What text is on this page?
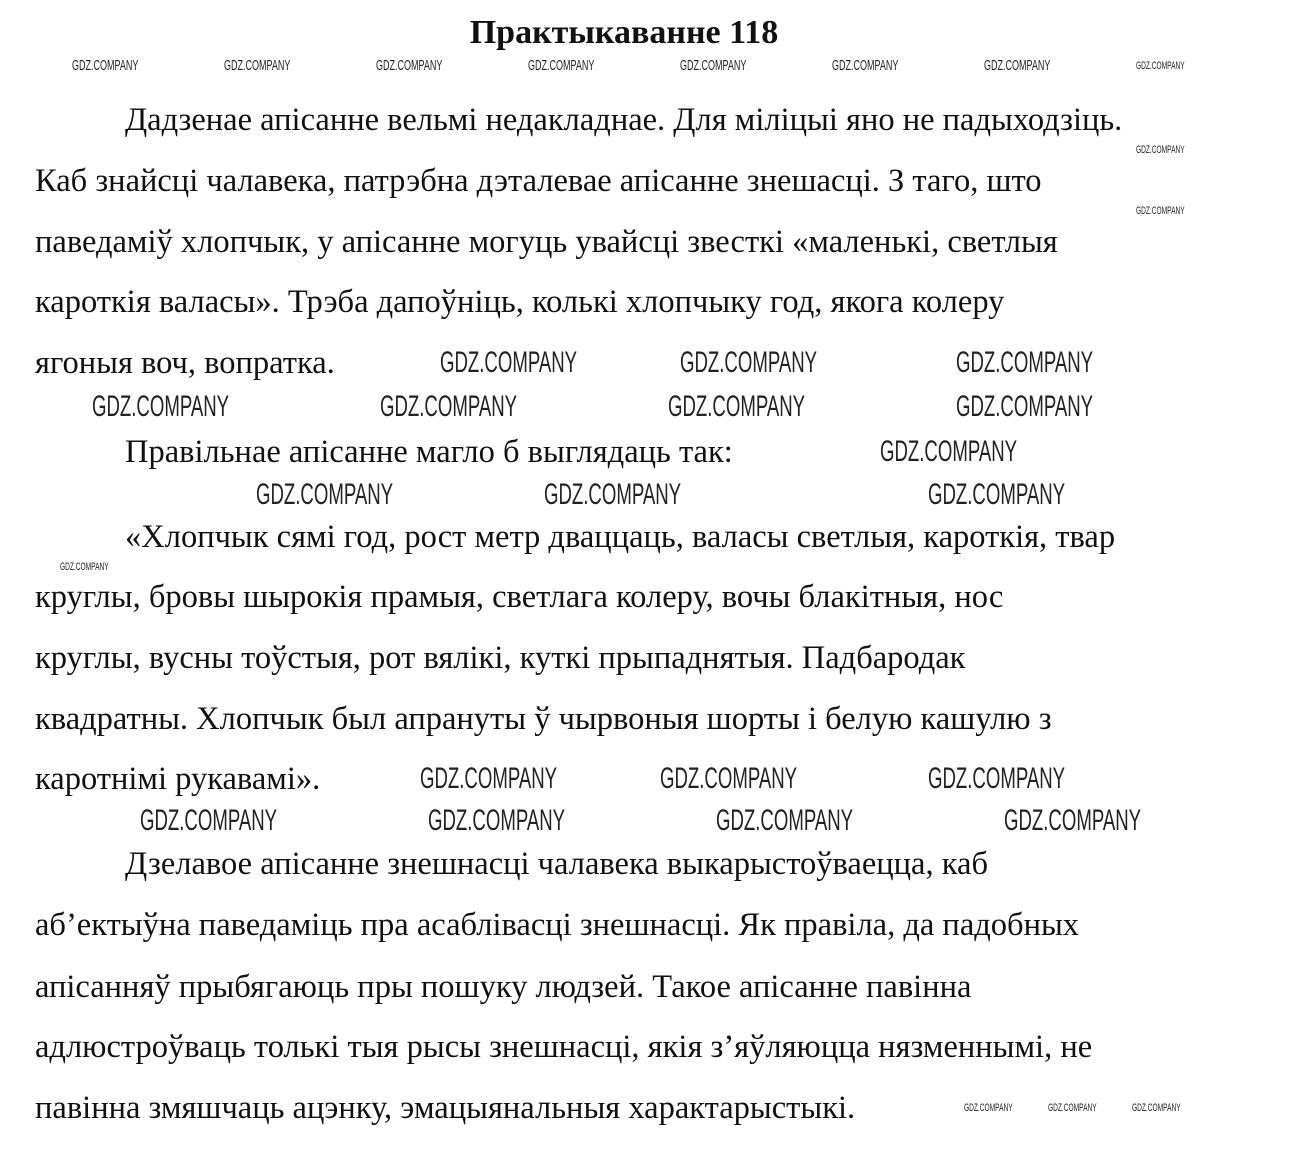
Практыкаванне 118
Дадзенае апісанне вельмі недакладнае. Для міліцыі яно не падыходзіць.
Каб знайсці чалавека, патрэбна дэталевае апісанне знешасці. З таго, што
паведаміў хлопчык, у апісанне могуць увайсці звесткі «маленькі, светлыя
кароткія валасы». Трэба дапоўніць, колькі хлопчыку год, якога колеру
ягоныя воч, вопратка.
Правільнае апісанне магло б выглядаць так:
«Хлопчык сямі год, рост метр дваццаць, валасы светлыя, кароткія, твар
круглы, бровы шырокія прамыя, светлага колеру, вочы блакітныя, нос
круглы, вусны тоўстыя, рот вялікі, куткі прыпаднятыя. Падбародак
квадратны. Хлопчык был апрануты ў чырвоныя шорты і белую кашулю з
каротнімі рукавамі».
Дзелавое апісанне знешнасці чалавека выкарыстоўваецца, каб
аб’ектыўна паведаміць пра асаблівасці знешнасці. Як правіла, да падобных
апісанняў прыбягаюць пры пошуку людзей. Такое апісанне павінна
адлюстроўваць толькі тыя рысы знешнасці, якія з’яўляюцца нязменнымі, не
павінна змяшчаць ацэнку, эмацыянальныя характарыстыкі.
GDZ.COMPANY	GDZ.COMPANY	GDZ.COMPANY	GDZ.COMPANY	GDZ.COMPANY	GDZ.COMPANY	GDZ.COMPANY	GDZ.COMPANY
GDZ.COMPANY
GDZ.COMPANY
GDZ.COMPANY	GDZ.COMPANY	GDZ.COMPANY
GDZ.COMPANY	GDZ.COMPANY	GDZ.COMPANY	GDZ.COMPANY
GDZ.COMPANY
GDZ.COMPANY	GDZ.COMPANY	GDZ.COMPANY
GDZ.COMPANY
GDZ.COMPANY	GDZ.COMPANY	GDZ.COMPANY
GDZ.COMPANY	GDZ.COMPANY	GDZ.COMPANY	GDZ.COMPANY
GDZ.COMPANY	GDZ.COMPANY	GDZ.COMPANY
